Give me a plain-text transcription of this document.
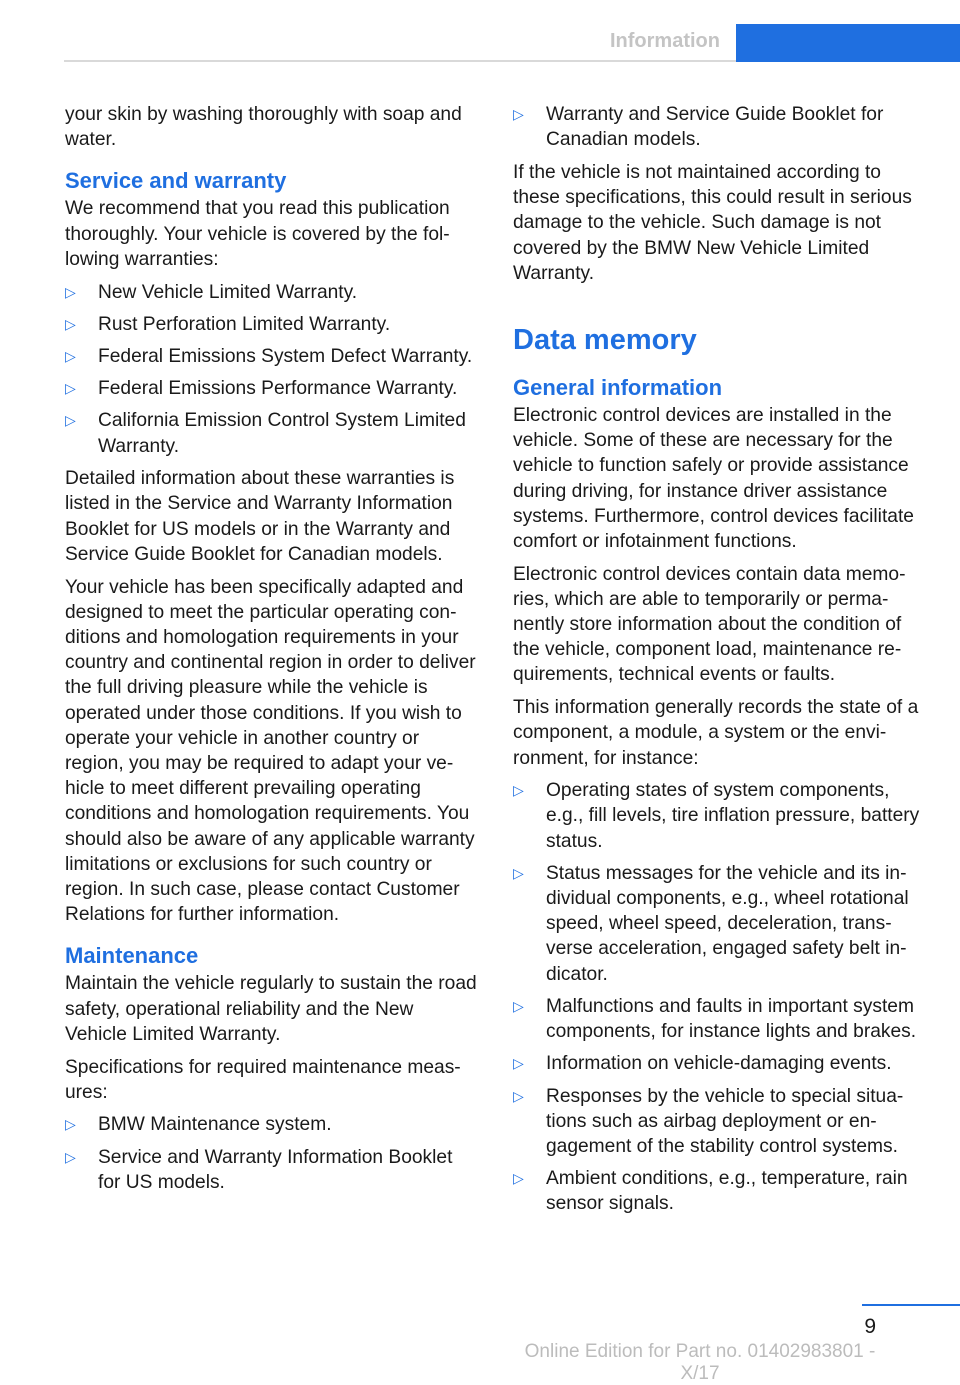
Information

your skin by washing thoroughly with soap and water.

Service and warranty

We recommend that you read this publication thoroughly. Your vehicle is covered by the following warranties:

▷ New Vehicle Limited Warranty.
▷ Rust Perforation Limited Warranty.
▷ Federal Emissions System Defect Warranty.
▷ Federal Emissions Performance Warranty.
▷ California Emission Control System Limited Warranty.

Detailed information about these warranties is listed in the Service and Warranty Information Booklet for US models or in the Warranty and Service Guide Booklet for Canadian models.

Your vehicle has been specifically adapted and designed to meet the particular operating conditions and homologation requirements in your country and continental region in order to deliver the full driving pleasure while the vehicle is operated under those conditions. If you wish to operate your vehicle in another country or region, you may be required to adapt your vehicle to meet different prevailing operating conditions and homologation requirements. You should also be aware of any applicable warranty limitations or exclusions for such country or region. In such case, please contact Customer Relations for further information.

Maintenance

Maintain the vehicle regularly to sustain the road safety, operational reliability and the New Vehicle Limited Warranty.

Specifications for required maintenance measures:

▷ BMW Maintenance system.
▷ Service and Warranty Information Booklet for US models.
▷ Warranty and Service Guide Booklet for Canadian models.

If the vehicle is not maintained according to these specifications, this could result in serious damage to the vehicle. Such damage is not covered by the BMW New Vehicle Limited Warranty.

Data memory
General information

Electronic control devices are installed in the vehicle. Some of these are necessary for the vehicle to function safely or provide assistance during driving, for instance driver assistance systems. Furthermore, control devices facilitate comfort or infotainment functions.

Electronic control devices contain data memories, which are able to temporarily or permanently store information about the condition of the vehicle, component load, maintenance requirements, technical events or faults.

This information generally records the state of a component, a module, a system or the environment, for instance:

▷ Operating states of system components, e.g., fill levels, tire inflation pressure, battery status.
▷ Status messages for the vehicle and its individual components, e.g., wheel rotational speed, wheel speed, deceleration, transverse acceleration, engaged safety belt indicator.
▷ Malfunctions and faults in important system components, for instance lights and brakes.
▷ Information on vehicle-damaging events.
▷ Responses by the vehicle to special situations such as airbag deployment or engagement of the stability control systems.
▷ Ambient conditions, e.g., temperature, rain sensor signals.
9
Online Edition for Part no. 01402983801 - X/17
